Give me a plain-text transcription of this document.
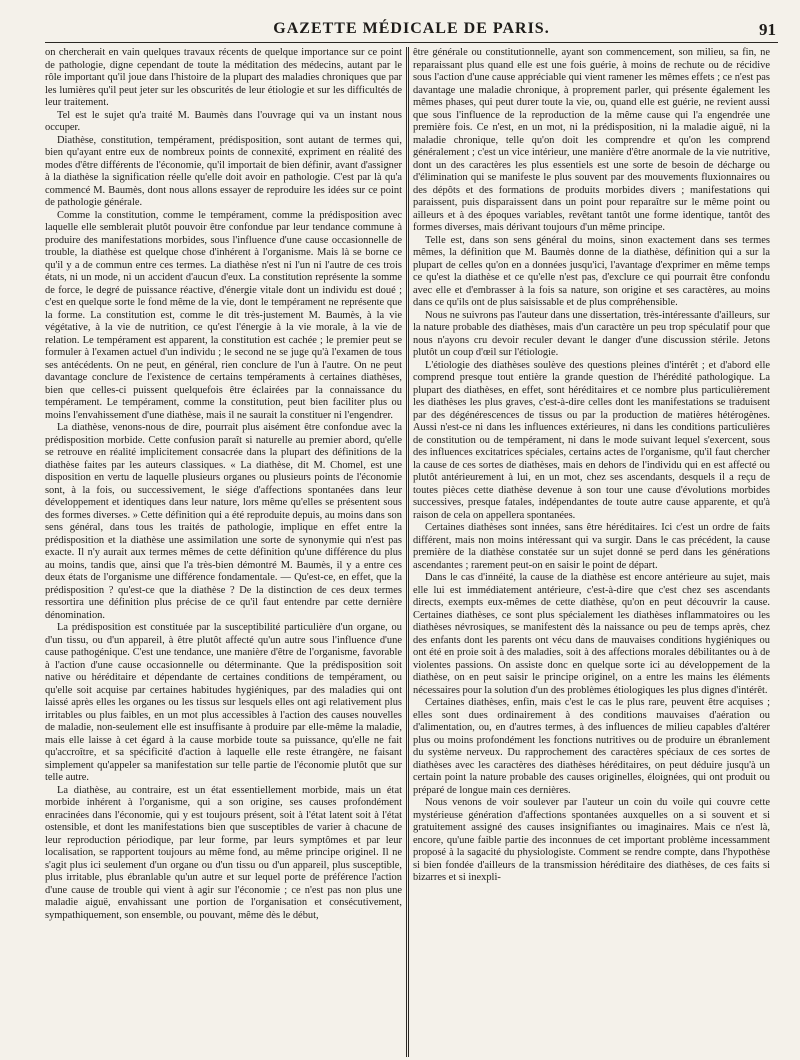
GAZETTE MÉDICALE DE PARIS.	91

on chercherait en vain quelques travaux récents de quelque importance sur ce point de pathologie, digne cependant de toute la méditation des médecins, autant par le rôle important qu'il joue dans l'histoire de la plupart des maladies chroniques que par les lumières qu'il peut jeter sur les obscurités de leur étiologie et sur les difficultés de leur traitement.

Tel est le sujet qu'a traité M. Baumès dans l'ouvrage qui va un instant nous occuper.

Diathèse, constitution, tempérament, prédisposition, sont autant de termes qui, bien qu'ayant entre eux de nombreux points de connexité, expriment en réalité des modes d'être différents de l'économie, qu'il importait de bien définir, avant d'assigner à la diathèse la signification réelle qu'elle doit avoir en pathologie. C'est par là qu'a commencé M. Baumès, dont nous allons essayer de reproduire les idées sur ce point de pathologie générale.

Comme la constitution, comme le tempérament, comme la prédisposition avec laquelle elle semblerait plutôt pouvoir être confondue par leur tendance commune à produire des manifestations morbides, sous l'influence d'une cause occasionnelle de trouble, la diathèse est quelque chose d'inhérent à l'organisme. Mais là se borne ce qu'il y a de commun entre ces termes. La diathèse n'est ni l'un ni l'autre de ces trois états, ni un mode, ni un accident d'aucun d'eux. La constitution représente la somme de force, le degré de puissance réactive, d'énergie vitale dont un individu est doué ; c'est en quelque sorte le fond même de la vie, dont le tempérament ne représente que la forme. La constitution est, comme le dit très-justement M. Baumès, à la vie végétative, à la vie de nutrition, ce qu'est l'énergie à la vie morale, à la vie de relation. Le tempérament est apparent, la constitution est cachée ; le premier peut se formuler à l'examen actuel d'un individu ; le second ne se juge qu'à l'examen de tous ses antécédents. On ne peut, en général, rien conclure de l'un à l'autre. On ne peut davantage conclure de l'existence de certains tempéraments à certaines diathèses, bien que celles-ci puissent quelquefois être éclairées par la connaissance du tempérament. Le tempérament, comme la constitution, peut bien faciliter plus ou moins l'envahissement d'une diathèse, mais il ne saurait la constituer ni l'engendrer.

La diathèse, venons-nous de dire, pourrait plus aisément être confondue avec la prédisposition morbide. Cette confusion paraît si naturelle au premier abord, qu'elle se retrouve en réalité implicitement consacrée dans la plupart des définitions de la diathèse faites par les auteurs classiques. « La diathèse, dit M. Chomel, est une disposition en vertu de laquelle plusieurs organes ou plusieurs points de l'économie sont, à la fois, ou successivement, le siége d'affections spontanées dans leur développement et identiques dans leur nature, lors même qu'elles se présentent sous des formes diverses. » Cette définition qui a été reproduite depuis, au moins dans son sens général, dans tous les traités de pathologie, implique en effet entre la prédisposition et la diathèse une assimilation une sorte de synonymie qui n'est pas exacte. Il n'y aurait aux termes mêmes de cette définition qu'une différence du plus au moins, tandis que, ainsi que l'a très-bien démontré M. Baumès, il y a entre ces deux états de l'organisme une différence fondamentale. — Qu'est-ce, en effet, que la prédisposition ? qu'est-ce que la diathèse ? De la distinction de ces deux termes ressortira une définition plus précise de ce qu'il faut entendre par cette dernière dénomination.

La prédisposition est constituée par la susceptibilité particulière d'un organe, ou d'un tissu, ou d'un appareil, à être plutôt affecté qu'un autre sous l'influence d'une cause pathogénique. C'est une tendance, une manière d'être de l'organisme, favorable à l'action d'une cause occasionnelle ou déterminante. Que la prédisposition soit native ou héréditaire et dépendante de certaines conditions de tempérament, ou qu'elle soit acquise par certaines habitudes hygiéniques, par des maladies qui ont laissé après elles les organes ou les tissus sur lesquels elles ont agi relativement plus irritables ou plus faibles, en un mot plus accessibles à l'action des causes nouvelles de maladie, non-seulement elle est insuffisante à produire par elle-même la maladie, mais elle laisse à cet égard à la cause morbide toute sa puissance, qu'elle ne fait qu'accroître, et sa spécificité d'action à laquelle elle reste étrangère, ne faisant simplement qu'appeler sa manifestation sur telle partie de l'économie plutôt que sur telle autre.

La diathèse, au contraire, est un état essentiellement morbide, mais un état morbide inhérent à l'organisme, qui a son origine, ses causes profondément enracinées dans l'économie, qui y est toujours présent, soit à l'état latent soit à l'état ostensible, et dont les manifestations bien que susceptibles de varier à chacune de leur reproduction périodique, par leur forme, par leurs symptômes et par leur localisation, se rapportent toujours au même fond, au même principe originel. Il ne s'agit plus ici seulement d'un organe ou d'un tissu ou d'un appareil, plus susceptible, plus irritable, plus ébranlable qu'un autre et sur lequel porte de préférence l'action d'une cause de trouble qui vient à agir sur l'économie ; ce n'est pas non plus une maladie aiguë, envahissant une portion de l'organisation et consécutivement, sympathiquement, son ensemble, ou pouvant, même dès le début,

être générale ou constitutionnelle, ayant son commencement, son milieu, sa fin, ne reparaissant plus quand elle est une fois guérie, à moins de rechute ou de récidive sous l'action d'une cause appréciable qui vient ramener les mêmes effets ; ce n'est pas davantage une maladie chronique, à proprement parler, qui présente également les mêmes phases, qui peut durer toute la vie, ou, quand elle est guérie, ne revient aussi que sous l'influence de la reproduction de la même cause qui l'a engendrée une première fois. Ce n'est, en un mot, ni la prédisposition, ni la maladie aiguë, ni la maladie chronique, telle qu'on doit les comprendre et qu'on les comprend généralement ; c'est un vice intérieur, une manière d'être anormale de la vie nutritive, dont un des caractères les plus essentiels est une sorte de besoin de décharge ou d'élimination qui se manifeste le plus souvent par des mouvements fluxionnaires ou des dépôts et des formations de produits morbides divers ; manifestations qui paraissent, puis disparaissent dans un point pour reparaître sur le même point ou ailleurs et à des époques variables, revêtant tantôt une forme identique, tantôt des formes diverses, mais dérivant toujours d'un même principe.

Telle est, dans son sens général du moins, sinon exactement dans ses termes mêmes, la définition que M. Baumès donne de la diathèse, définition qui a sur la plupart de celles qu'on en a données jusqu'ici, l'avantage d'exprimer en même temps ce qu'est la diathèse et ce qu'elle n'est pas, d'exclure ce qui pourrait être confondu avec elle et d'embrasser à la fois sa nature, son origine et ses caractères, au moins dans ce qu'ils ont de plus saisissable et de plus compréhensible.

Nous ne suivrons pas l'auteur dans une dissertation, très-intéressante d'ailleurs, sur la nature probable des diathèses, mais d'un caractère un peu trop spéculatif pour que nous n'ayons cru devoir reculer devant le danger d'une discussion stérile. Jetons plutôt un coup d'œil sur l'étiologie.

L'étiologie des diathèses soulève des questions pleines d'intérêt ; et d'abord elle comprend presque tout entière la grande question de l'hérédité pathologique. La plupart des diathèses, en effet, sont héréditaires et ce nombre plus particulièrement les diathèses les plus graves, c'est-à-dire celles dont les manifestations se traduisent par des dégénérescences de tissus ou par la production de matières hétérogènes. Aussi n'est-ce ni dans les influences extérieures, ni dans les conditions particulières de constitution ou de tempérament, ni dans le mode suivant lequel s'exercent, sous des influences excitatrices spéciales, certains actes de l'organisme, qu'il faut chercher la cause de ces sortes de diathèses, mais en dehors de l'individu qui en est affecté ou plutôt antérieurement à lui, en un mot, chez ses ascendants, desquels il a reçu de toutes pièces cette diathèse devenue à son tour une cause d'évolutions morbides successives, presque fatales, indépendantes de toute autre cause apparente, et qu'à raison de cela on appellera spontanées.

Certaines diathèses sont innées, sans être héréditaires. Ici c'est un ordre de faits différent, mais non moins intéressant qui va surgir. Dans le cas précédent, la cause première de la diathèse constatée sur un sujet donné se perd dans les générations ascendantes ; rarement peut-on en saisir le point de départ.

Dans le cas d'innéité, la cause de la diathèse est encore antérieure au sujet, mais elle lui est immédiatement antérieure, c'est-à-dire que c'est chez ses ascendants directs, exempts eux-mêmes de cette diathèse, qu'on en peut découvrir la cause. Certaines diathèses, ce sont plus spécialement les diathèses inflammatoires ou les diathèses névrosiques, se manifestent dès la naissance ou peu de temps après, chez des enfants dont les parents ont vécu dans de mauvaises conditions hygiéniques ou ont été en proie soit à des maladies, soit à des affections morales débilitantes ou à de violentes passions. On assiste donc en quelque sorte ici au développement de la diathèse, on en peut saisir le principe originel, on a entre les mains les éléments nécessaires pour la solution d'un des problèmes étiologiques les plus dignes d'intérêt.

Certaines diathèses, enfin, mais c'est le cas le plus rare, peuvent être acquises ; elles sont dues ordinairement à des conditions mauvaises d'aération ou d'alimentation, ou, en d'autres termes, à des influences de milieu capables d'altérer plus ou moins profondément les fonctions nutritives ou de produire un ébranlement du système nerveux. Du rapprochement des caractères spéciaux de ces sortes de diathèses avec les caractères des diathèses héréditaires, on peut déduire jusqu'à un certain point la nature probable des causes originelles, éloignées, qui ont produit ou préparé de longue main ces dernières.

Nous venons de voir soulever par l'auteur un coin du voile qui couvre cette mystérieuse génération d'affections spontanées auxquelles on a si souvent et si gratuitement assigné des causes insignifiantes ou imaginaires. Mais ce n'est là, encore, qu'une faible partie des inconnues de cet important problème incessamment proposé à la sagacité du physiologiste. Comment se rendre compte, dans l'hypothèse si bien fondée d'ailleurs de la transmission héréditaire des diathèses, de ces faits si bizarres et si inexpli-
